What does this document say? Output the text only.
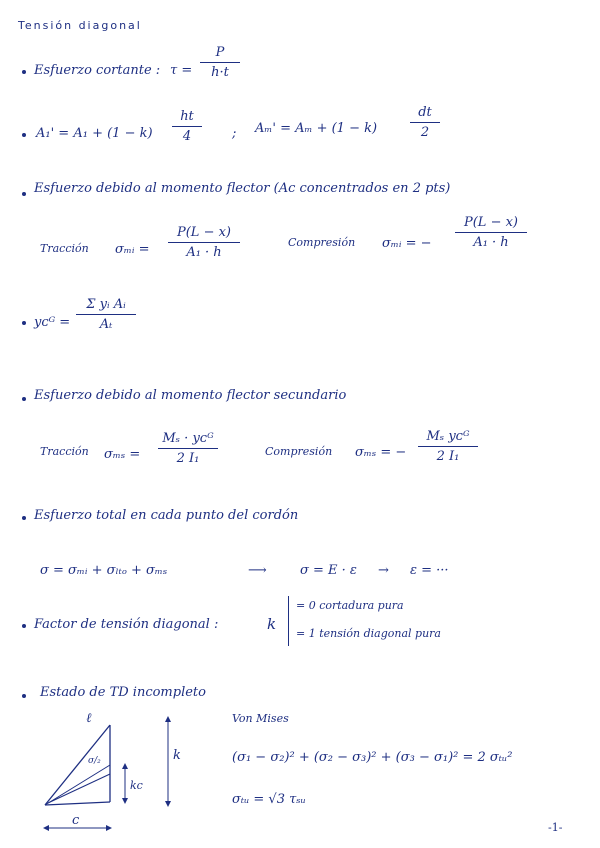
Tensión diagonal
Esfuerzo cortante : τ =
P
h·t
A₁' = A₁ + (1 − k)
ht
4	; Aₘ' = Aₘ + (1 − k)
dt
2
Esfuerzo debido al momento flector (Ac concentrados en 2 pts)
Tracción σₘᵢ =
P(L − x)
A₁ · h
Compresión σₘᵢ = −
P(L − x)
A₁ · h
yᴄᴳ =
Σ yᵢ Aᵢ
Aₜ
Esfuerzo debido al momento flector secundario
Tracción σₘₛ =
Mₛ · yᴄᴳ
2 I₁	Compresión σₘₛ = −
Mₛ yᴄᴳ
2 I₁
Esfuerzo total en cada punto del cordón
σ = σₘᵢ + σₗₜₒ + σₘₛ	⟶	σ = E · ε → ε = ···
Factor de tensión diagonal :	k
= 0 cortadura pura
= 1 tensión diagonal pura
Estado de TD incompleto
ℓ
σ/₂
kc
k
c
Von Mises
(σ₁ − σ₂)² + (σ₂ − σ₃)² + (σ₃ − σ₁)² = 2 σₜᵤ²
σₜᵤ = √3 τₛᵤ
-1-
